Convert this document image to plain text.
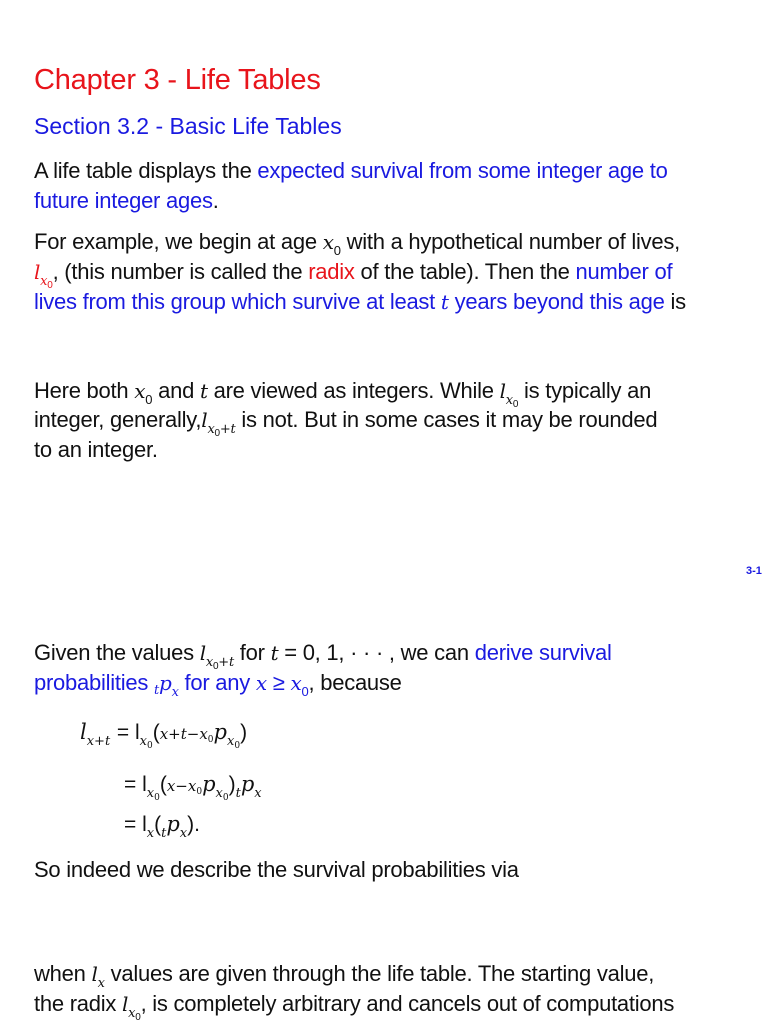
Chapter 3 - Life Tables
Section 3.2 - Basic Life Tables
A life table displays the expected survival from some integer age to
future integer ages.
For example, we begin at age $x_0$ with a hypothetical number of lives,
$l_{x_0}$, (this number is called the radix of the table). Then the number of
lives from this group which survive at least t years beyond this age is
Here both $x_0$ and t are viewed as integers. While $l_{x_0}$ is typically an
integer, $generally,l_{x_0+t}$ is not. But in some cases it may be rounded
to an integer.
3-1
Given the values $l_{x_0+t}$ for t = 0, 1, · · · , we can derive survival
probabilities $tp_x$ for any $x \ge x_0$, because
$l_{x+t} = l_{x_0}(x+t-x_0p_{x_0})$
= $l_{x_0}(x-x_0p_{x_0})_tp_x$
= $l_x(_tp_x)$.
So indeed we describe the survival probabilities via
when $l_x$ values are given through the life table. The starting value,
the radix $l_{x_0}$, is completely arbitrary and cancels out of computations
